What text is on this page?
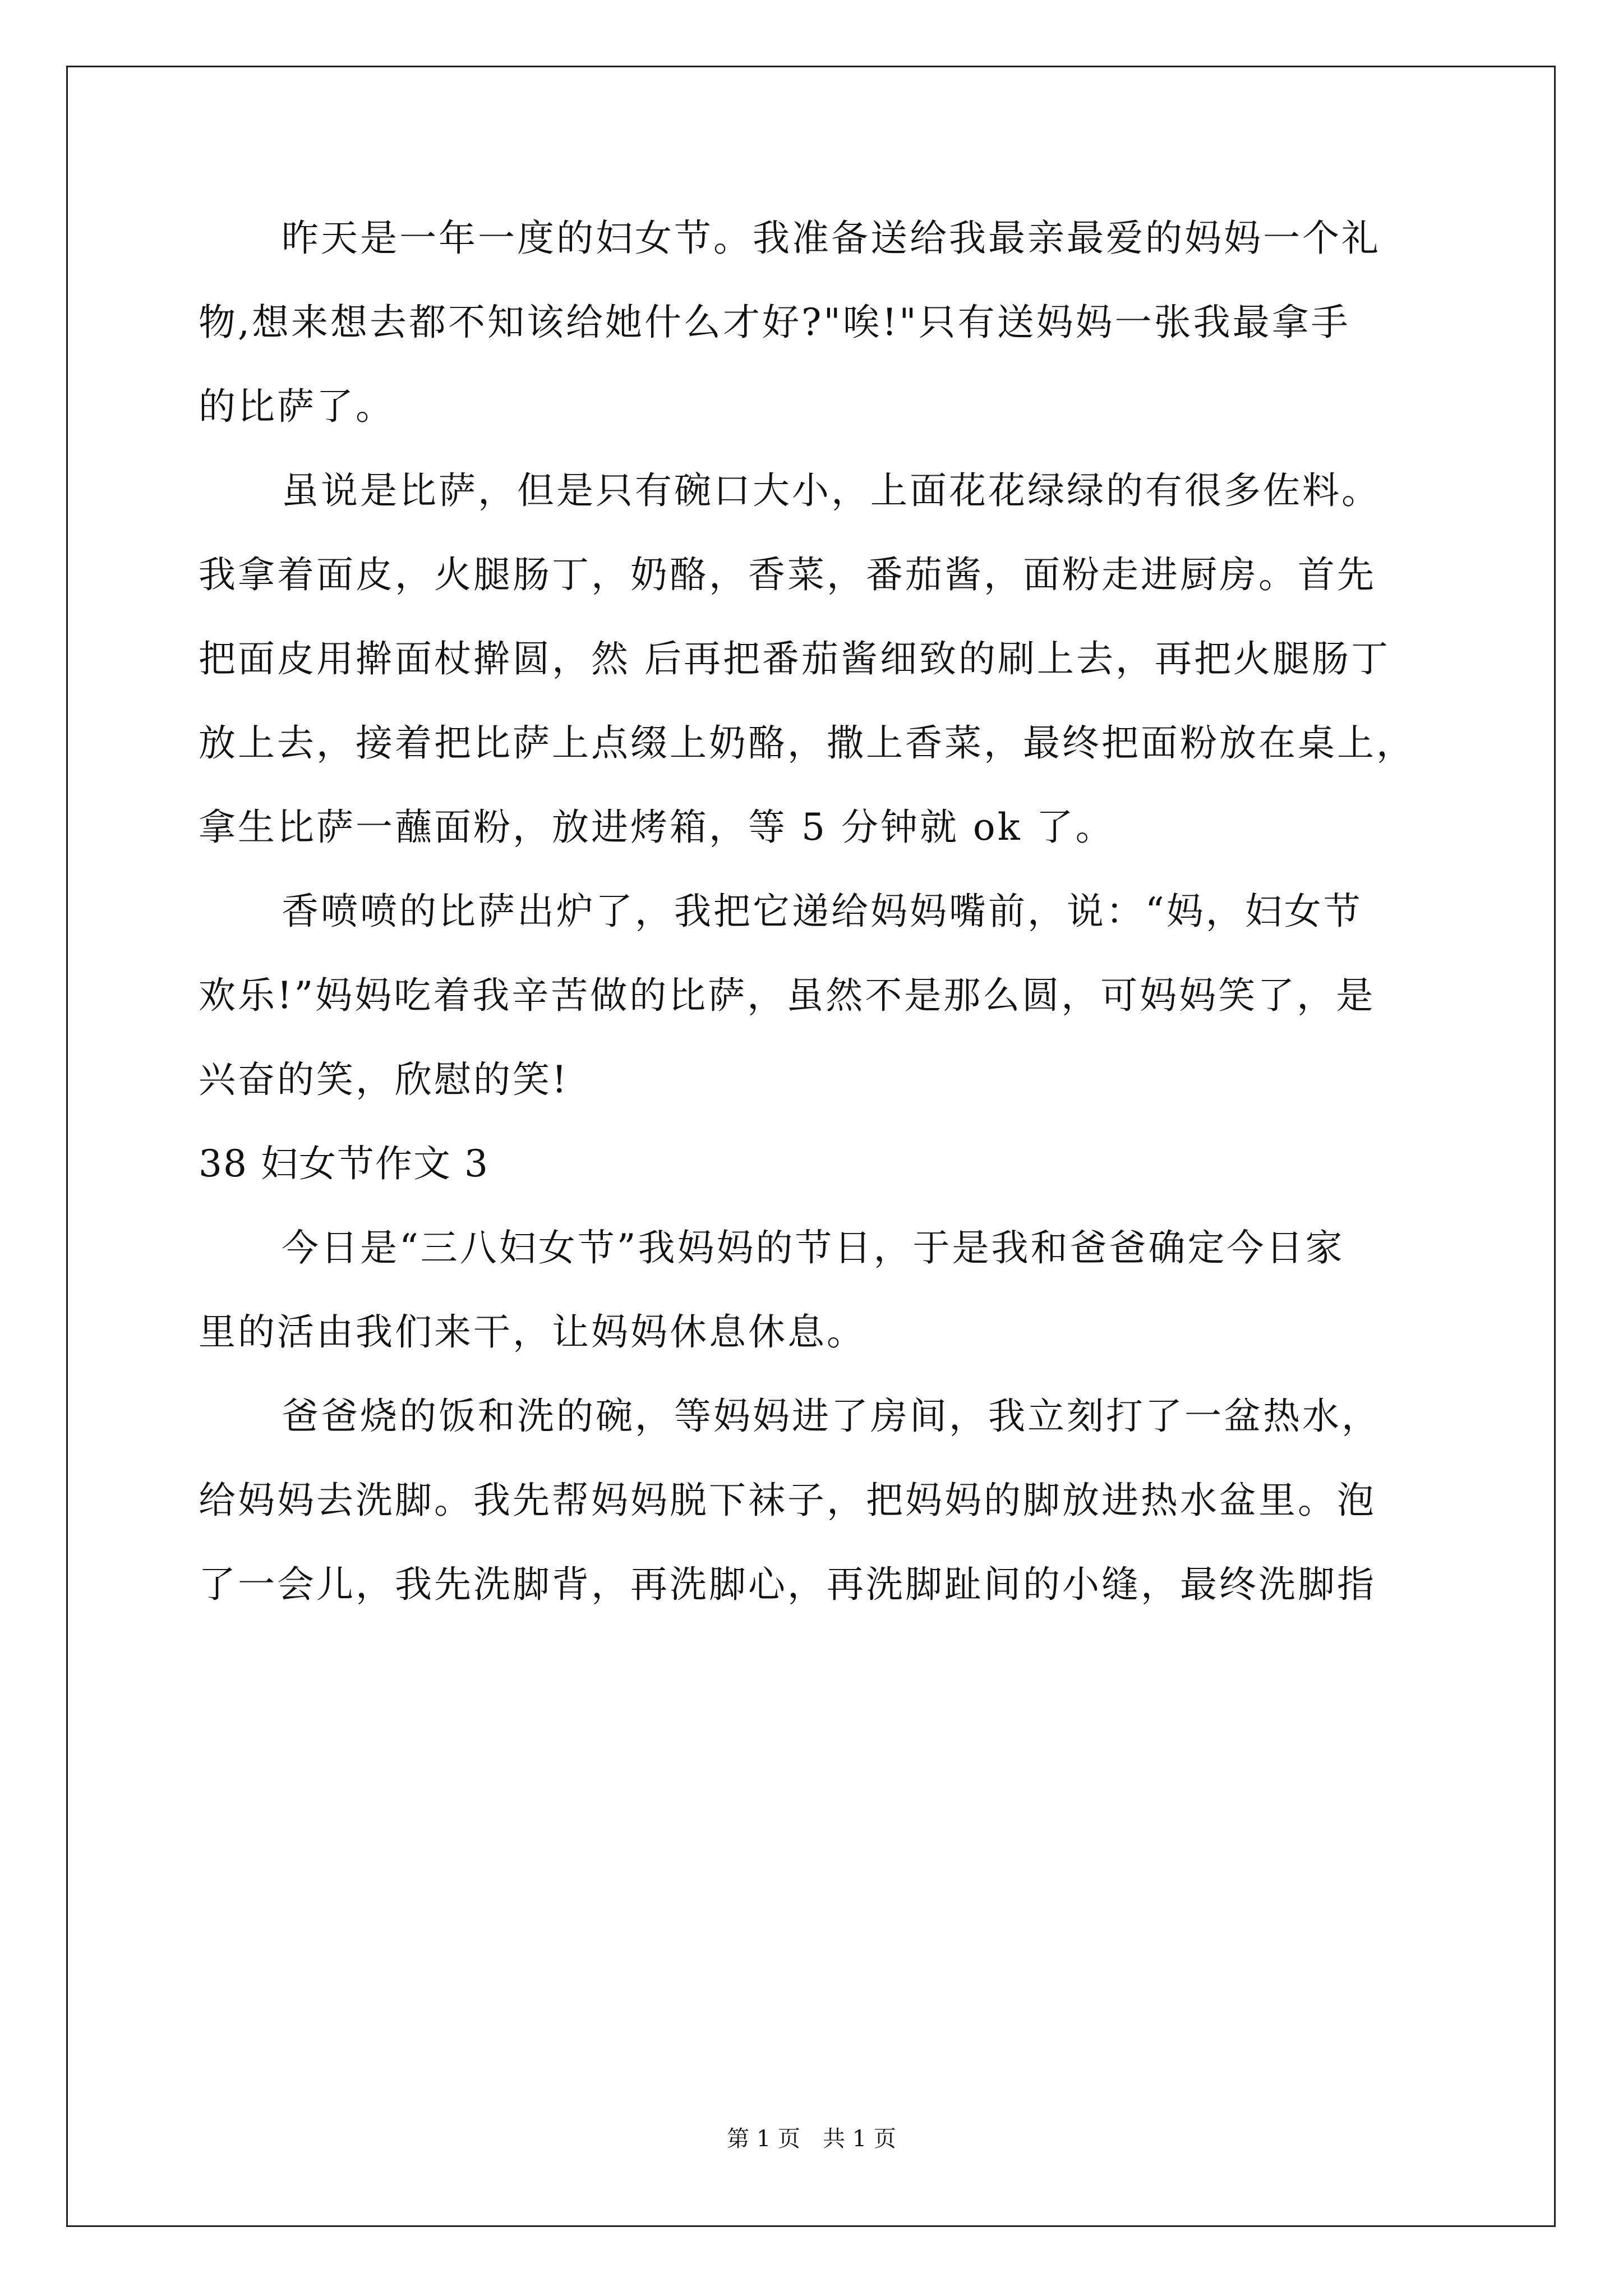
昨天是一年一度的妇女节。我准备送给我最亲最爱的妈妈一个礼
物,想来想去都不知该给她什么才好?"唉!"只有送妈妈一张我最拿手
的比萨了。
虽说是比萨，但是只有碗口大小，上面花花绿绿的有很多佐料。
我拿着面皮，火腿肠丁，奶酪，香菜，番茄酱，面粉走进厨房。首先
把面皮用擀面杖擀圆，然 后再把番茄酱细致的刷上去，再把火腿肠丁
放上去，接着把比萨上点缀上奶酪，撒上香菜，最终把面粉放在桌上，
拿生比萨一蘸面粉，放进烤箱，等 5 分钟就 ok 了。
香喷喷的比萨出炉了，我把它递给妈妈嘴前，说：“妈，妇女节
欢乐!”妈妈吃着我辛苦做的比萨，虽然不是那么圆，可妈妈笑了，是
兴奋的笑，欣慰的笑!
38 妇女节作文 3
今日是“三八妇女节”我妈妈的节日，于是我和爸爸确定今日家
里的活由我们来干，让妈妈休息休息。
爸爸烧的饭和洗的碗，等妈妈进了房间，我立刻打了一盆热水，
给妈妈去洗脚。我先帮妈妈脱下袜子，把妈妈的脚放进热水盆里。泡
了一会儿，我先洗脚背，再洗脚心，再洗脚趾间的小缝，最终洗脚指
第 1 页　共 1 页
